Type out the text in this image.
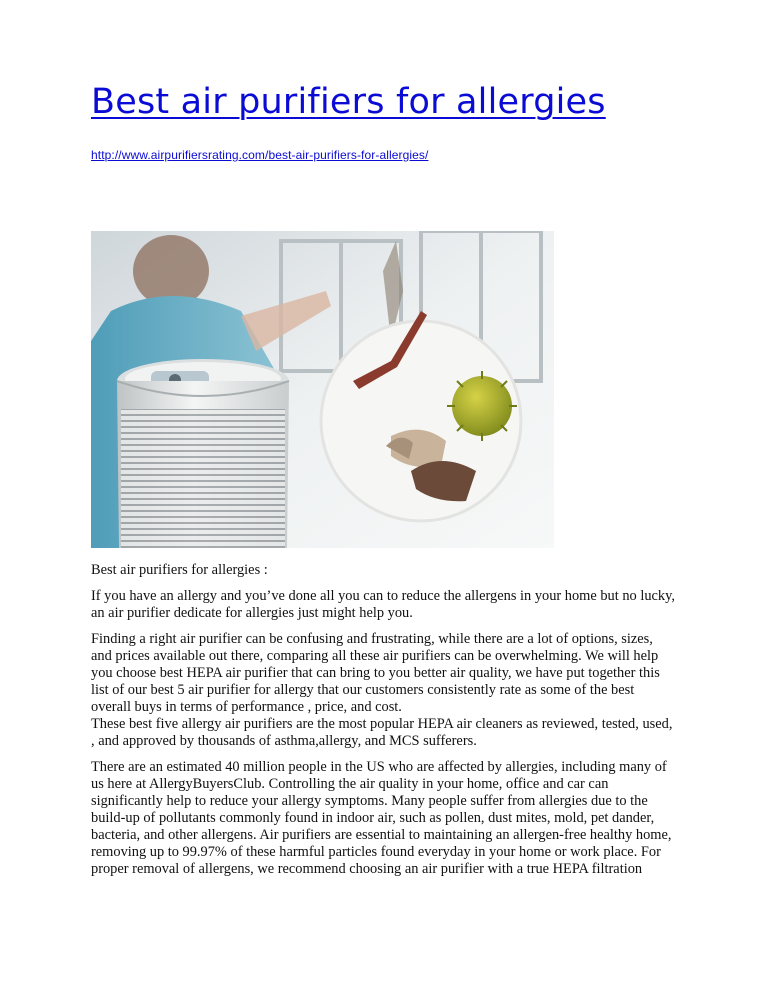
Best air purifiers for allergies
http://www.airpurifiersrating.com/best-air-purifiers-for-allergies/

Best air purifiers for allergies :

If you have an allergy and you’ve done all you can to reduce the allergens in your home but no lucky,
an air purifier dedicate for allergies just might help you.

Finding a right air purifier can be confusing and frustrating, while there are a lot of options, sizes,
and prices available out there, comparing all these air purifiers can be overwhelming. We will help
you choose best HEPA air purifier that can bring to you better air quality, we have put together this
list of our best 5 air purifier for allergy that our customers consistently rate as some of the best
overall buys in terms of performance , price, and cost.
These best five allergy air purifiers are the most popular HEPA air cleaners as reviewed, tested, used,
, and approved by thousands of asthma,allergy, and MCS sufferers.

There are an estimated 40 million people in the US who are affected by allergies, including many of
us here at AllergyBuyersClub. Controlling the air quality in your home, office and car can
significantly help to reduce your allergy symptoms. Many people suffer from allergies due to the
build-up of pollutants commonly found in indoor air, such as pollen, dust mites, mold, pet dander,
bacteria, and other allergens. Air purifiers are essential to maintaining an allergen-free healthy home,
removing up to 99.97% of these harmful particles found everyday in your home or work place. For
proper removal of allergens, we recommend choosing an air purifier with a true HEPA filtration
